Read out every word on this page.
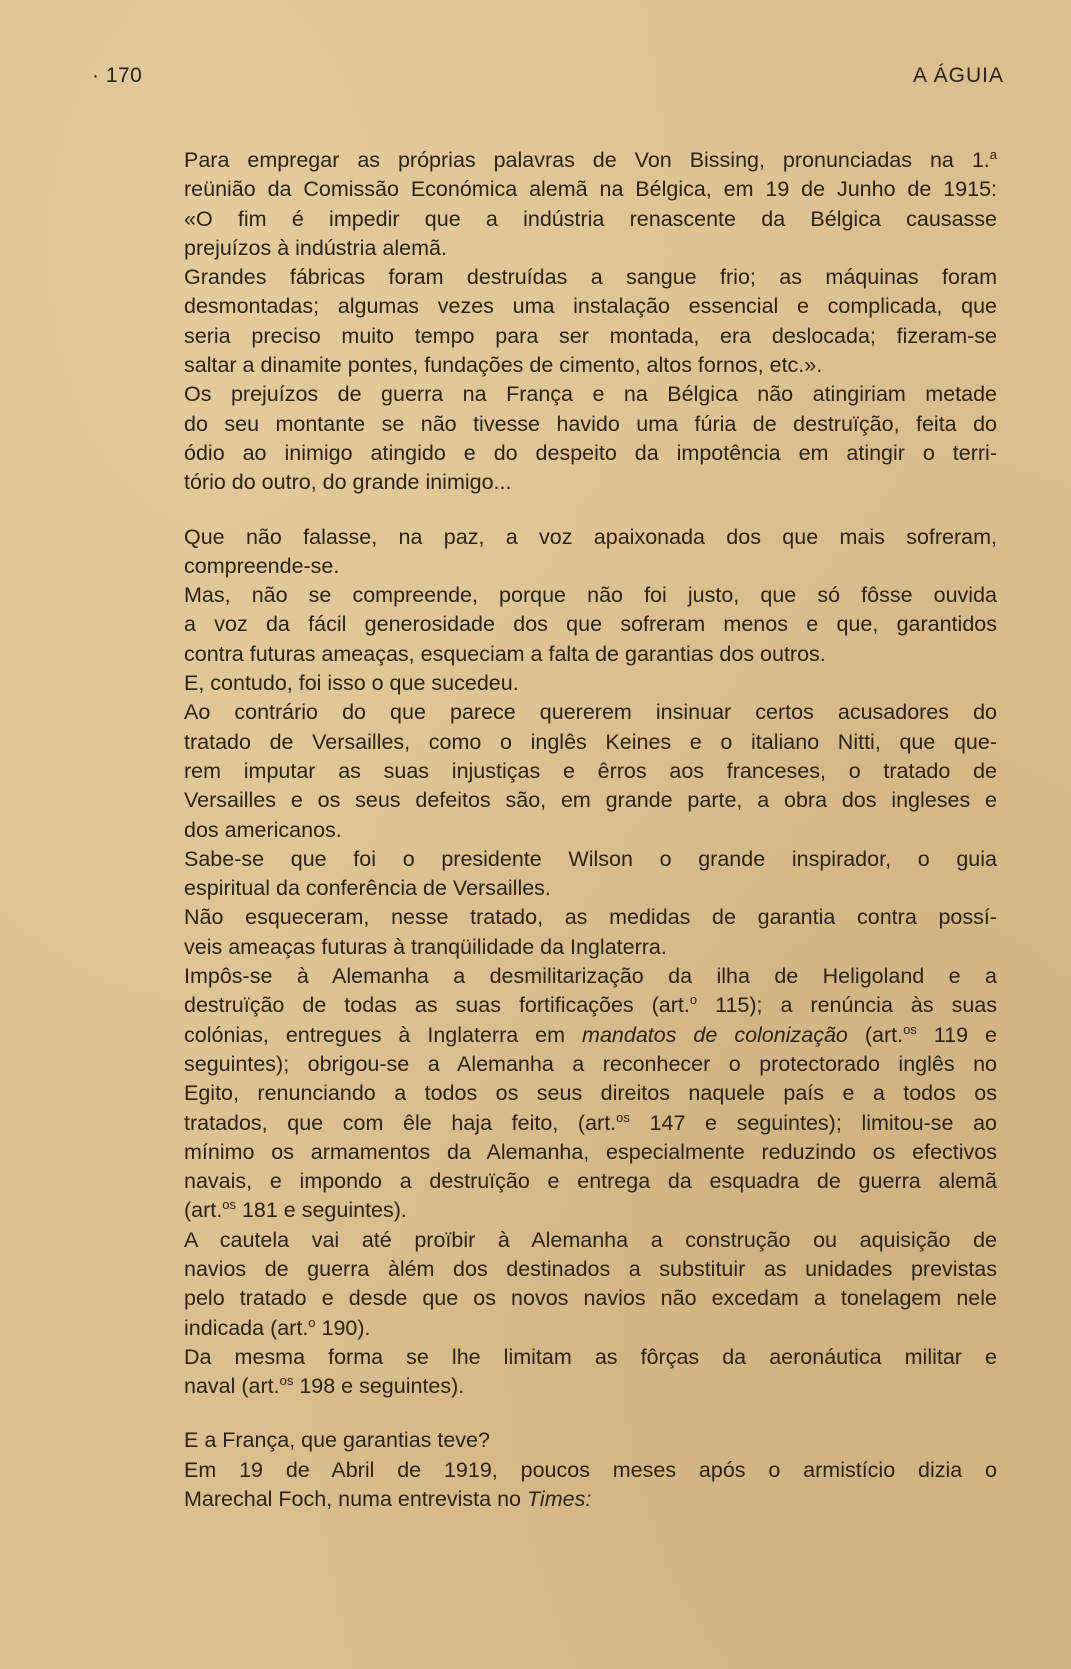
· 170	A ÁGUIA

Para empregar as próprias palavras de Von Bissing, pronunciadas na 1.$^a$
reünião da Comissão Económica alemã na Bélgica, em 19 de Junho de 1915:

«O fim é impedir que a indústria renascente da Bélgica causasse
prejuízos à indústria alemã.

Grandes fábricas foram destruídas a sangue frio; as máquinas foram
desmontadas; algumas vezes uma instalação essencial e complicada, que
seria preciso muito tempo para ser montada, era deslocada; fizeram-se
saltar a dinamite pontes, fundações de cimento, altos fornos, etc.».

Os prejuízos de guerra na França e na Bélgica não atingiriam metade
do seu montante se não tivesse havido uma fúria de destruïção, feita do
ódio ao inimigo atingido e do despeito da impotência em atingir o terri-
tório do outro, do grande inimigo...

Que não falasse, na paz, a voz apaixonada dos que mais sofreram,
compreende-se.

Mas, não se compreende, porque não foi justo, que só fôsse ouvida
a voz da fácil generosidade dos que sofreram menos e que, garantidos
contra futuras ameaças, esqueciam a falta de garantias dos outros.

E, contudo, foi isso o que sucedeu.

Ao contrário do que parece quererem insinuar certos acusadores do
tratado de Versailles, como o inglês Keines e o italiano Nitti, que que-
rem imputar as suas injustiças e êrros aos franceses, o tratado de
Versailles e os seus defeitos são, em grande parte, a obra dos ingleses e
dos americanos.

Sabe-se que foi o presidente Wilson o grande inspirador, o guia
espiritual da conferência de Versailles.

Não esqueceram, nesse tratado, as medidas de garantia contra possí-
veis ameaças futuras à tranqüilidade da Inglaterra.

Impôs-se à Alemanha a desmilitarização da ilha de Heligoland e a
destruïção de todas as suas fortificações (art.$^o$ 115); a renúncia às suas
colónias, entregues à Inglaterra em mandatos de colonização (art.$^{os}$ 119 e
seguintes); obrigou-se a Alemanha a reconhecer o protectorado inglês no
Egito, renunciando a todos os seus direitos naquele país e a todos os
tratados, que com êle haja feito, (art.$^{os}$ 147 e seguintes); limitou-se ao
mínimo os armamentos da Alemanha, especialmente reduzindo os efectivos
navais, e impondo a destruïção e entrega da esquadra de guerra alemã
(art.$^{os}$ 181 e seguintes).

A cautela vai até proïbir à Alemanha a construção ou aquisição de
navios de guerra àlém dos destinados a substituir as unidades previstas
pelo tratado e desde que os novos navios não excedam a tonelagem nele
indicada (art.$^o$ 190).

Da mesma forma se lhe limitam as fôrças da aeronáutica militar e
naval (art.$^{os}$ 198 e seguintes).

E a França, que garantias teve?

Em 19 de Abril de 1919, poucos meses após o armistício dizia o
Marechal Foch, numa entrevista no Times:
